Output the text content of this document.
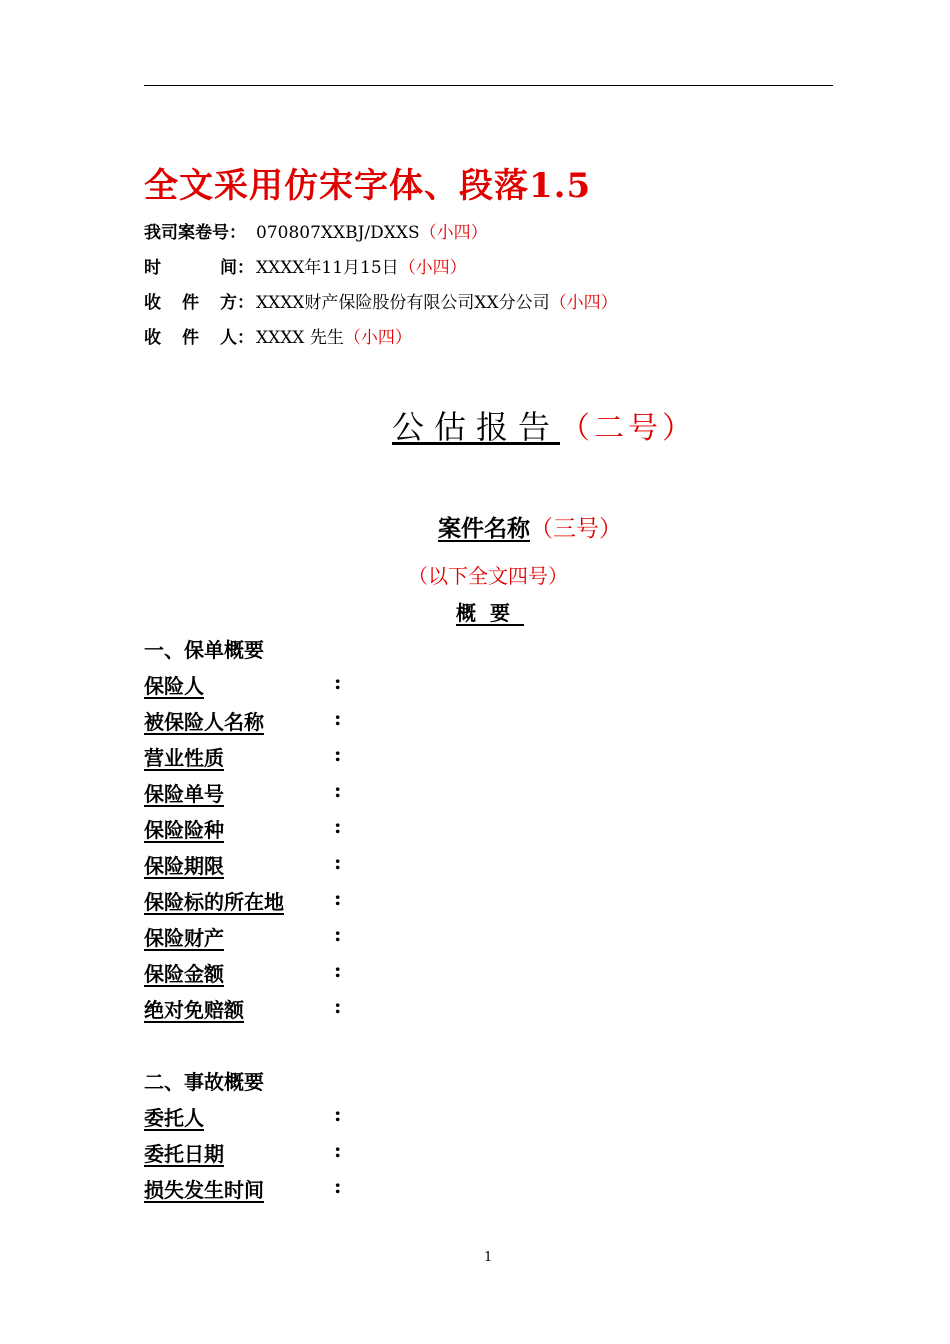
全文采用仿宋字体、段落1.5
我司案卷号： 070807XXBJ/DXXS（小四）
时	间： XXXX年11月15日（小四）
收 件 方： XXXX财产保险股份有限公司XX分公司（小四）
收 件 人： XXXX 先生（小四）
公估报告（二号）
案件名称（三号）
（以下全文四号）
概要
一、保单概要
保险人	:
被保险人名称	:
营业性质	:
保险单号	:
保险险种	:
保险期限	:
保险标的所在地	:
保险财产	:
保险金额	:
绝对免赔额	:
二、事故概要
委托人	:
委托日期	:
损失发生时间	:
1
